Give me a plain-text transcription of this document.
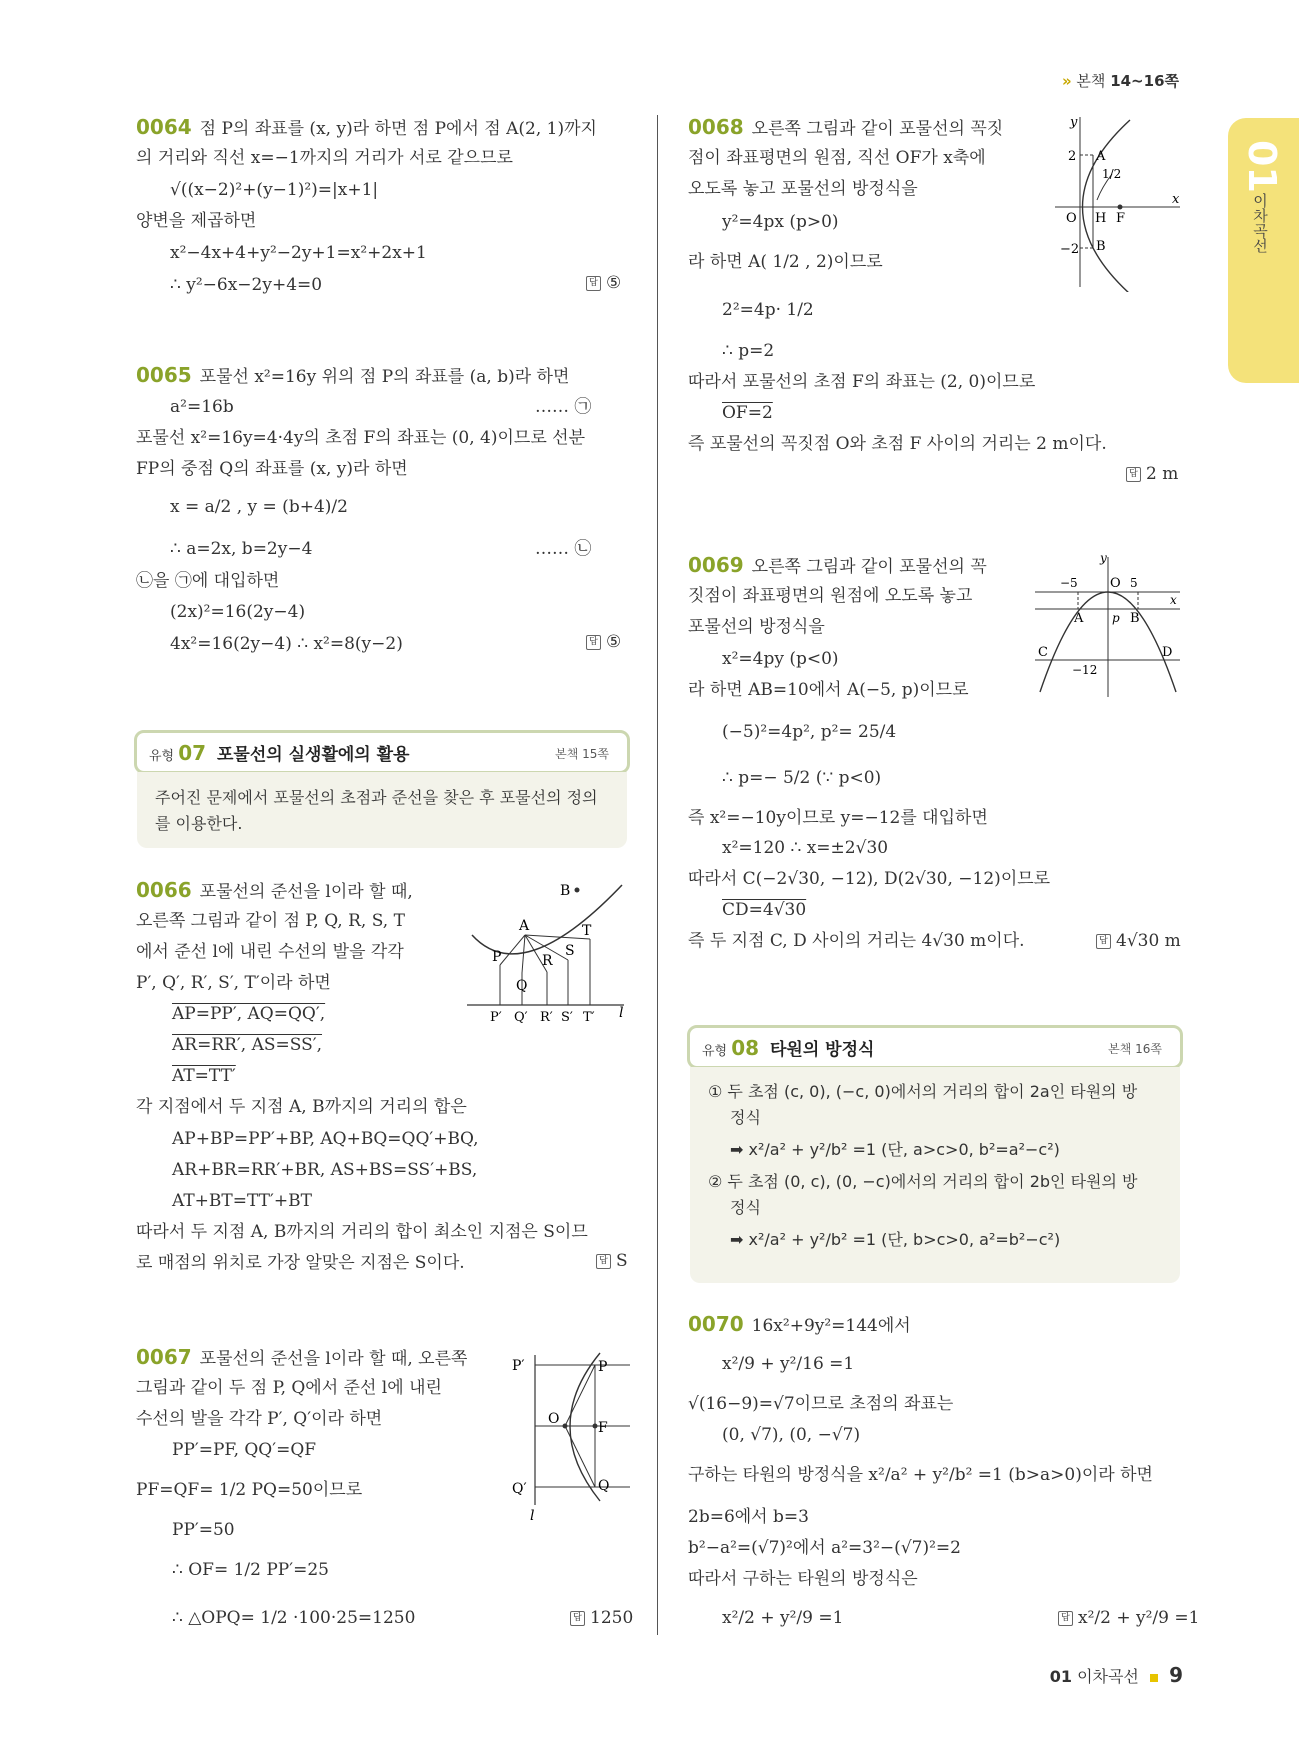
» 본책 14~16쪽
01
이차곡선
0064 점 P의 좌표를 (x, y)라 하면 점 P에서 점 A(2, 1)까지
의 거리와 직선 x=−1까지의 거리가 서로 같으므로
√((x−2)²+(y−1)²)=|x+1|
양변을 제곱하면
x²−4x+4+y²−2y+1=x²+2x+1
∴ y²−6x−2y+4=0	답 ⑤
0065 포물선 x²=16y 위의 점 P의 좌표를 (a, b)라 하면
a²=16b	…… ㉠
포물선 x²=16y=4·4y의 초점 F의 좌표는 (0, 4)이므로 선분
FP의 중점 Q의 좌표를 (x, y)라 하면
x = a/2 , y = (b+4)/2
∴ a=2x, b=2y−4	…… ㉡
㉡을 ㉠에 대입하면
(2x)²=16(2y−4)
4x²=16(2y−4) ∴ x²=8(y−2)	답 ⑤
유형 07 포물선의 실생활에의 활용	본책 15쪽
주어진 문제에서 포물선의 초점과 준선을 찾은 후 포물선의 정의
를 이용한다.
0066 포물선의 준선을 l이라 할 때,
오른쪽 그림과 같이 점 P, Q, R, S, T
에서 준선 l에 내린 수선의 발을 각각
P′, Q′, R′, S′, T′이라 하면
AP=PP′, AQ=QQ′,
AR=RR′, AS=SS′,
AT=TT′
각 지점에서 두 지점 A, B까지의 거리의 합은
AP+BP=PP′+BP, AQ+BQ=QQ′+BQ,
AR+BR=RR′+BR, AS+BS=SS′+BS,
AT+BT=TT′+BT
따라서 두 지점 A, B까지의 거리의 합이 최소인 지점은 S이므
로 매점의 위치로 가장 알맞은 지점은 S이다.	답 S
B
A	T
S
R
P
Q
P′ Q′ R′ S′ T′ l
0067 포물선의 준선을 l이라 할 때, 오른쪽
그림과 같이 두 점 P, Q에서 준선 l에 내린
수선의 발을 각각 P′, Q′이라 하면
PP′=PF, QQ′=QF
PF=QF= 1/2 PQ=50이므로
PP′=50
∴ OF= 1/2 PP′=25
∴ △OPQ= 1/2 ·100·25=1250	답 1250
P′	P
O
F
Q′	Q
l
0068 오른쪽 그림과 같이 포물선의 꼭짓
점이 좌표평면의 원점, 직선 OF가 x축에
오도록 놓고 포물선의 방정식을
y²=4px (p>0)
라 하면 A( 1/2 , 2)이므로
2²=4p· 1/2
∴ p=2
따라서 포물선의 초점 F의 좌표는 (2, 0)이므로
OF=2
즉 포물선의 꼭짓점 O와 초점 F 사이의 거리는 2 m이다.
답 2 m
y
x
O H F
A
B
2
−2
1/2
0069 오른쪽 그림과 같이 포물선의 꼭
짓점이 좌표평면의 원점에 오도록 놓고
포물선의 방정식을
x²=4py (p<0)
라 하면 AB=10에서 A(−5, p)이므로
(−5)²=4p², p²= 25/4
∴ p=− 5/2 (∵ p<0)
즉 x²=−10y이므로 y=−12를 대입하면
x²=120 ∴ x=±2√30
따라서 C(−2√30, −12), D(2√30, −12)이므로
CD=4√30
즉 두 지점 C, D 사이의 거리는 4√30 m이다.	답 4√30 m
y
x
O
−5	5
A	B
p
C	D
−12
유형 08 타원의 방정식	본책 16쪽
① 두 초점 (c, 0), (−c, 0)에서의 거리의 합이 2a인 타원의 방
정식
➡ x²/a² + y²/b² =1 (단, a>c>0, b²=a²−c²)
② 두 초점 (0, c), (0, −c)에서의 거리의 합이 2b인 타원의 방
정식
➡ x²/a² + y²/b² =1 (단, b>c>0, a²=b²−c²)
0070 16x²+9y²=144에서
x²/9 + y²/16 =1
√(16−9)=√7이므로 초점의 좌표는
(0, √7), (0, −√7)
구하는 타원의 방정식을 x²/a² + y²/b² =1 (b>a>0)이라 하면
2b=6에서 b=3
b²−a²=(√7)²에서 a²=3²−(√7)²=2
따라서 구하는 타원의 방정식은
x²/2 + y²/9 =1	답 x²/2 + y²/9 =1
01 이차곡선 9
